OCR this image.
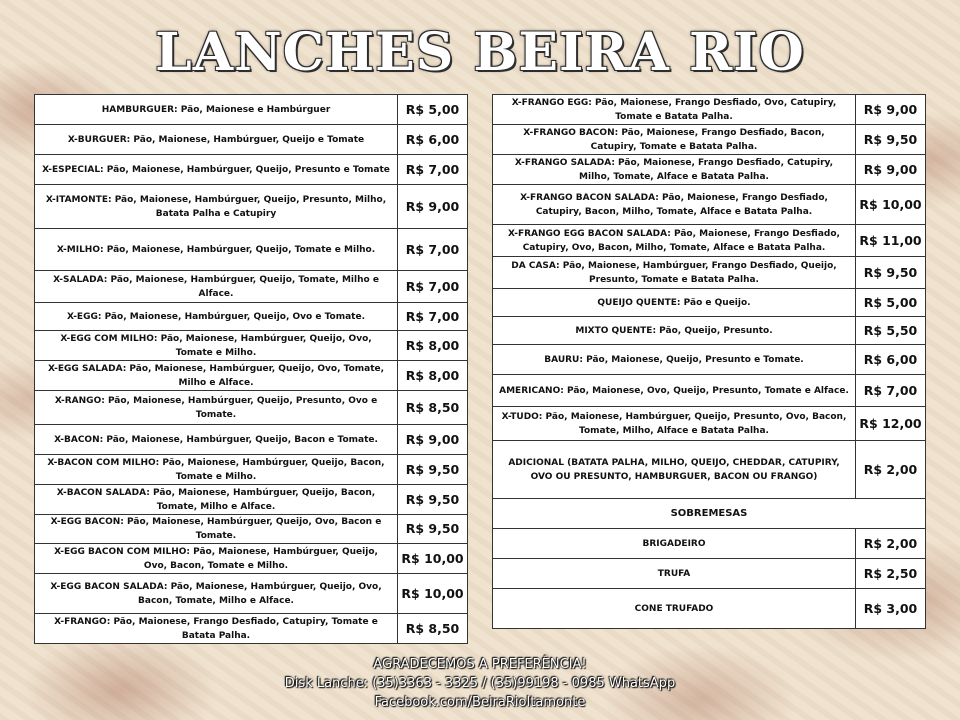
LANCHES BEIRA RIO
HAMBURGUER: Pão, Maionese e Hambúrguer	R$ 5,00
X-BURGUER: Pão, Maionese, Hambúrguer, Queijo e Tomate	R$ 6,00
X-ESPECIAL: Pão, Maionese, Hambúrguer, Queijo, Presunto e Tomate	R$ 7,00
X-ITAMONTE: Pão, Maionese, Hambúrguer, Queijo, Presunto, Milho, Batata Palha e Catupiry	R$ 9,00
X-MILHO: Pão, Maionese, Hambúrguer, Queijo, Tomate e Milho.	R$ 7,00
X-SALADA: Pão, Maionese, Hambúrguer, Queijo, Tomate, Milho e Alface.	R$ 7,00
X-EGG: Pão, Maionese, Hambúrguer, Queijo, Ovo e Tomate.	R$ 7,00
X-EGG COM MILHO: Pão, Maionese, Hambúrguer, Queijo, Ovo, Tomate e Milho.	R$ 8,00
X-EGG SALADA: Pão, Maionese, Hambúrguer, Queijo, Ovo, Tomate, Milho e Alface.	R$ 8,00
X-RANGO: Pão, Maionese, Hambúrguer, Queijo, Presunto, Ovo e Tomate.	R$ 8,50
X-BACON: Pão, Maionese, Hambúrguer, Queijo, Bacon e Tomate.	R$ 9,00
X-BACON COM MILHO: Pão, Maionese, Hambúrguer, Queijo, Bacon, Tomate e Milho.	R$ 9,50
X-BACON SALADA: Pão, Maionese, Hambúrguer, Queijo, Bacon, Tomate, Milho e Alface.	R$ 9,50
X-EGG BACON: Pão, Maionese, Hambúrguer, Queijo, Ovo, Bacon e Tomate.	R$ 9,50
X-EGG BACON COM MILHO: Pão, Maionese, Hambúrguer, Queijo, Ovo, Bacon, Tomate e Milho.	R$ 10,00
X-EGG BACON SALADA: Pão, Maionese, Hambúrguer, Queijo, Ovo, Bacon, Tomate, Milho e Alface.	R$ 10,00
X-FRANGO: Pão, Maionese, Frango Desfiado, Catupiry, Tomate e Batata Palha.	R$ 8,50
X-FRANGO EGG: Pão, Maionese, Frango Desfiado, Ovo, Catupiry, Tomate e Batata Palha.	R$ 9,00
X-FRANGO BACON: Pão, Maionese, Frango Desfiado, Bacon, Catupiry, Tomate e Batata Palha.	R$ 9,50
X-FRANGO SALADA: Pão, Maionese, Frango Desfiado, Catupiry, Milho, Tomate, Alface e Batata Palha.	R$ 9,00
X-FRANGO BACON SALADA: Pão, Maionese, Frango Desfiado, Catupiry, Bacon, Milho, Tomate, Alface e Batata Palha.	R$ 10,00
X-FRANGO EGG BACON SALADA: Pão, Maionese, Frango Desfiado, Catupiry, Ovo, Bacon, Milho, Tomate, Alface e Batata Palha.	R$ 11,00
DA CASA: Pão, Maionese, Hambúrguer, Frango Desfiado, Queijo, Presunto, Tomate e Batata Palha.	R$ 9,50
QUEIJO QUENTE: Pão e Queijo.	R$ 5,00
MIXTO QUENTE: Pão, Queijo, Presunto.	R$ 5,50
BAURU: Pão, Maionese, Queijo, Presunto e Tomate.	R$ 6,00
AMERICANO: Pão, Maionese, Ovo, Queijo, Presunto, Tomate e Alface.	R$ 7,00
X-TUDO: Pão, Maionese, Hambúrguer, Queijo, Presunto, Ovo, Bacon, Tomate, Milho, Alface e Batata Palha.	R$ 12,00
ADICIONAL (BATATA PALHA, MILHO, QUEIJO, CHEDDAR, CATUPIRY, OVO OU PRESUNTO, HAMBURGUER, BACON OU FRANGO)	R$ 2,00
SOBREMESAS	
BRIGADEIRO	R$ 2,00
TRUFA	R$ 2,50
CONE TRUFADO	R$ 3,00
AGRADECEMOS A PREFERÊNCIA!
Disk Lanche: (35)3363 - 3325 / (35)99198 - 0985 WhatsApp
Facebook.com/BeiraRioItamonte
